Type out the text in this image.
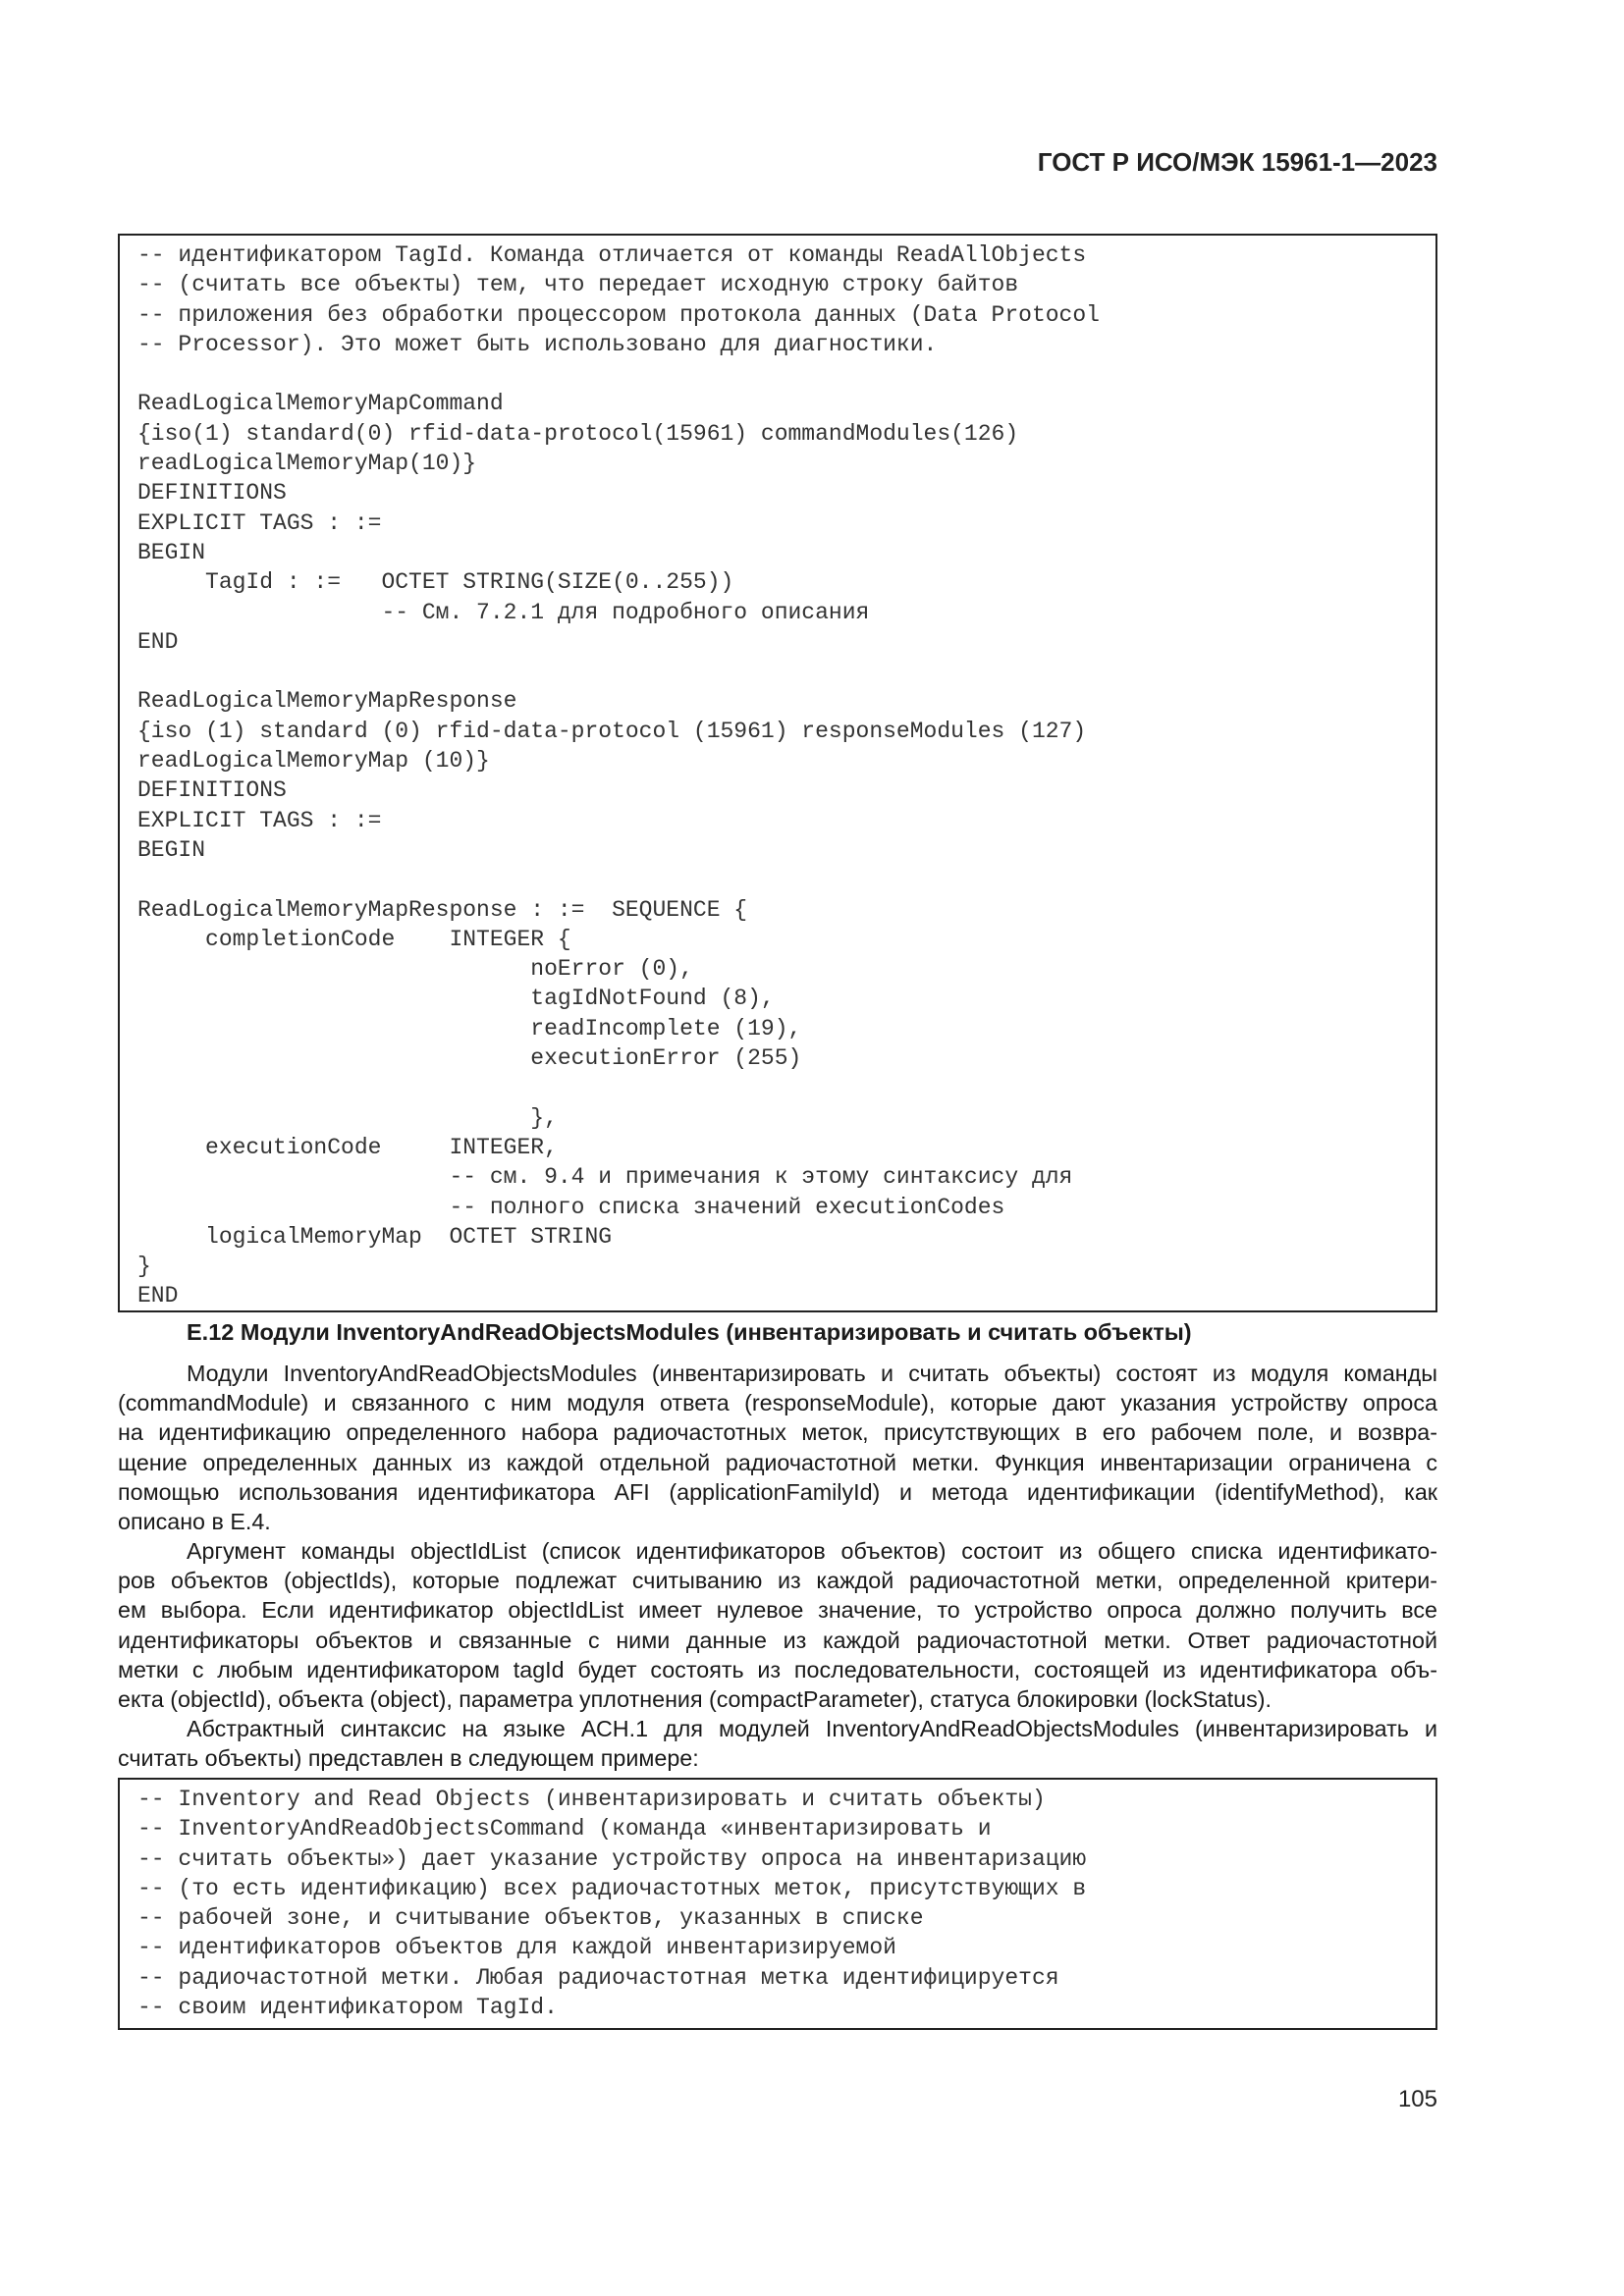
ГОСТ Р ИСО/МЭК 15961-1—2023
-- идентификатором TagId. Команда отличается от команды ReadAllObjects
-- (считать все объекты) тем, что передает исходную строку байтов
-- приложения без обработки процессором протокола данных (Data Protocol
-- Processor). Это может быть использовано для диагностики.
ReadLogicalMemoryMapCommand
{iso(1) standard(0) rfid-data-protocol(15961) commandModules(126)
readLogicalMemoryMap(10)}
DEFINITIONS
EXPLICIT TAGS : :=
BEGIN
TagId : :=   OCTET STRING(SIZE(0..255))
-- См. 7.2.1 для подробного описания
END
ReadLogicalMemoryMapResponse
{iso (1) standard (0) rfid-data-protocol (15961) responseModules (127)
readLogicalMemoryMap (10)}
DEFINITIONS
EXPLICIT TAGS : :=
BEGIN
ReadLogicalMemoryMapResponse : :=  SEQUENCE {
completionCode    INTEGER {
noError (0),
tagIdNotFound (8),
readIncomplete (19),
executionError (255)
},
executionCode     INTEGER,
-- см. 9.4 и примечания к этому синтаксису для
-- полного списка значений executionCodes
logicalMemoryMap  OCTET STRING
}
END
Е.12 Модули InventoryAndReadObjectsModules (инвентаризировать и считать объекты)
Модули InventoryAndReadObjectsModules (инвентаризировать и считать объекты) состоят из модуля команды
(commandModule) и связанного с ним модуля ответа (responseModule), которые дают указания устройству опроса
на идентификацию определенного набора радиочастотных меток, присутствующих в его рабочем поле, и возвра-
щение определенных данных из каждой отдельной радиочастотной метки. Функция инвентаризации ограничена с
помощью использования идентификатора AFI (applicationFamilyId) и метода идентификации (identifyMethod), как
описано в Е.4.
Аргумент команды objectIdList (список идентификаторов объектов) состоит из общего списка идентификато-
ров объектов (objectIds), которые подлежат считыванию из каждой радиочастотной метки, определенной критери-
ем выбора. Если идентификатор objectIdList имеет нулевое значение, то устройство опроса должно получить все
идентификаторы объектов и связанные с ними данные из каждой радиочастотной метки. Ответ радиочастотной
метки с любым идентификатором tagId будет состоять из последовательности, состоящей из идентификатора объ-
екта (objectId), объекта (object), параметра уплотнения (compactParameter), статуса блокировки (lockStatus).
Абстрактный синтаксис на языке АСН.1 для модулей InventoryAndReadObjectsModules (инвентаризировать и
считать объекты) представлен в следующем примере:
-- Inventory and Read Objects (инвентаризировать и считать объекты)
-- InventoryAndReadObjectsCommand (команда «инвентаризировать и
-- считать объекты») дает указание устройству опроса на инвентаризацию
-- (то есть идентификацию) всех радиочастотных меток, присутствующих в
-- рабочей зоне, и считывание объектов, указанных в списке
-- идентификаторов объектов для каждой инвентаризируемой
-- радиочастотной метки. Любая радиочастотная метка идентифицируется
-- своим идентификатором TagId.
105
